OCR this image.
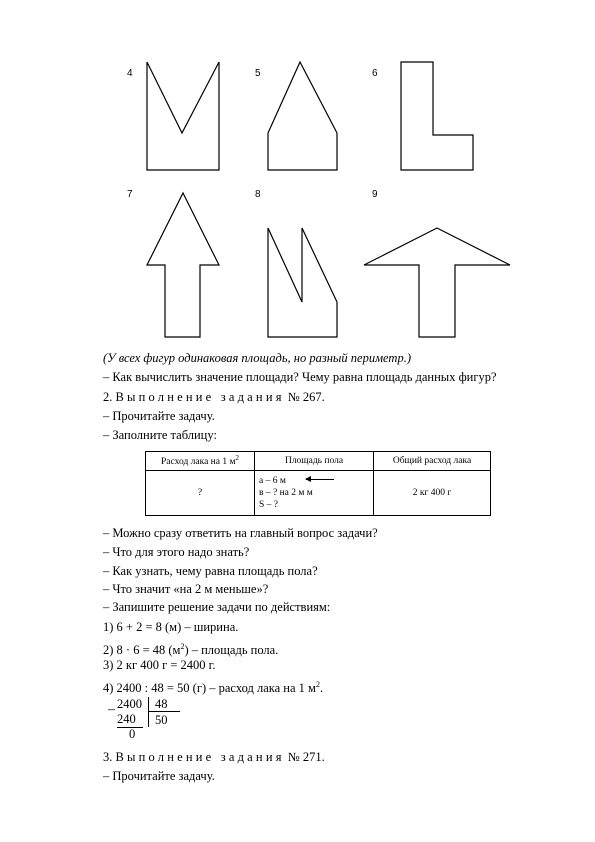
4	5	6
7	8	9
(У всех фигур одинаковая площадь, но разный периметр.)
– Как вычислить значение площади? Чему равна площадь данных фигур?
2. Выполнение задания № 267.
– Прочитайте задачу.
– Заполните таблицу:
Расход лака на 1 $м^2$	Площадь пола	Общий расход лака
?	а – 6 м
в – ? на 2 м м
S – ?	2 кг 400 г
– Можно сразу ответить на главный вопрос задачи?
– Что для этого надо знать?
– Как узнать, чему равна площадь пола?
– Что значит «на 2 м меньше»?
– Запишите решение задачи по действиям:
1) 6 + 2 = 8 (м) – ширина.
2) 8 · 6 = 48 $(м^2)$ – площадь пола.
3) 2 кг 400 г = 2400 г.
4) 2400 : 48 = 50 (г) – расход лака на 1 $м^2$.
– 2400 48
240 50
0
3. Выполнение задания № 271.
– Прочитайте задачу.
